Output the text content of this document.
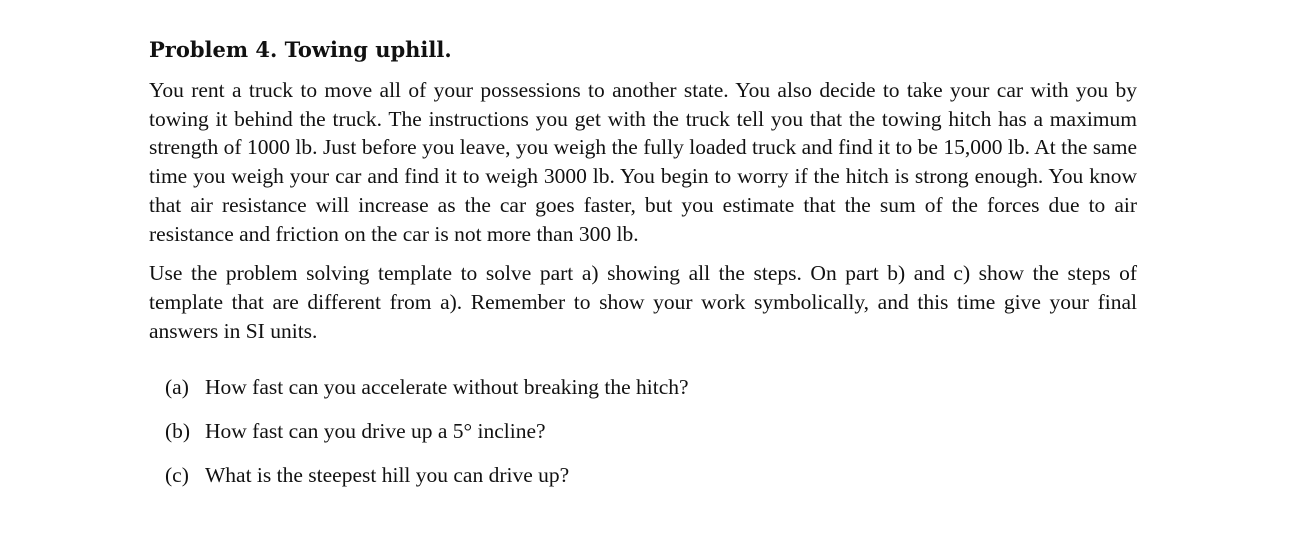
Problem 4. Towing uphill.

You rent a truck to move all of your possessions to another state. You also decide to take your car with you by towing it behind the truck. The instructions you get with the truck tell you that the towing hitch has a maximum strength of 1000 lb. Just before you leave, you weigh the fully loaded truck and find it to be 15,000 lb. At the same time you weigh your car and find it to weigh 3000 lb. You begin to worry if the hitch is strong enough. You know that air resistance will increase as the car goes faster, but you estimate that the sum of the forces due to air resistance and friction on the car is not more than 300 lb.

Use the problem solving template to solve part a) showing all the steps. On part b) and c) show the steps of template that are different from a). Remember to show your work symbolically, and this time give your final answers in SI units.

(a) How fast can you accelerate without breaking the hitch?
(b) How fast can you drive up a 5° incline?
(c) What is the steepest hill you can drive up?
